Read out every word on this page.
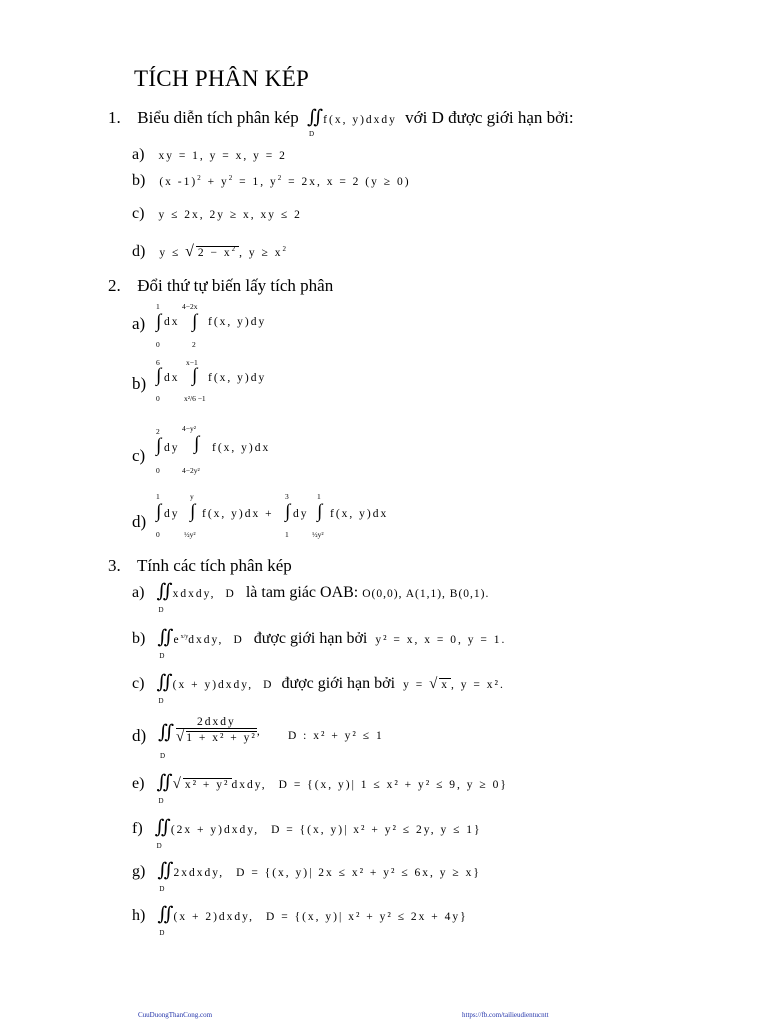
TÍCH PHÂN KÉP
1. Biểu diễn tích phân kép ∬
D
f(x, y)dxdy với D được giới hạn bởi:
a) xy = 1, y = x, y = 2
b) (x $-1)^2 + y^2 = 1$, $y^2 = 2x$, x = 2 (y ≥ 0)
c) y ≤ 2x, 2y ≥ x, xy ≤ 2
d) y ≤ √ $2 - x^2$ , $y \ge x^2$
2. Đổi thứ tự biến lấy tích phân
a)
1
∫
0
dx
4−2x
∫
2
f(x, y)dy
b)
6
∫
0
dx
x−1
∫
x²/6 −1
f(x, y)dy
c)
2
∫
0
dy
4−y²
∫
4−2y²
f(x, y)dx
d)
1
∫
0
dy
y
∫
½y²
f(x, y)dx +
3
∫
1
dy
1
∫
½y²
f(x, y)dx
3. Tính các tích phân kép
a) ∬
D
xdxdy, D là tam giác OAB: O(0,0), A(1,1), B(0,1).
b) ∬
D
$e^{x/y}dxdy$, D được giới hạn bởi y² = x, x = 0, y = 1.
c) ∬
D
(x + y)dxdy, D được giới hạn bởi y = √ x , y = x².
d) ∬
D
$\frac{\text{2dxdy}}{\text{√1 + x² + y²}}$ , D : x² + y² ≤ 1
e) ∬
D
√ x² + y² dxdy, D = {(x, y)| 1 ≤ x² + y² ≤ 9, y ≥ 0}
f) ∬
D
(2x + y)dxdy, D = {(x, y)| x² + y² ≤ 2y, y ≤ 1}
g) ∬
D
2xdxdy, D = {(x, y)| 2x ≤ x² + y² ≤ 6x, y ≥ x}
h) ∬
D
(x + 2)dxdy, D = {(x, y)| x² + y² ≤ 2x + 4y}
CuuDuongThanCong.com	https://fb.com/tailieudientucntt
